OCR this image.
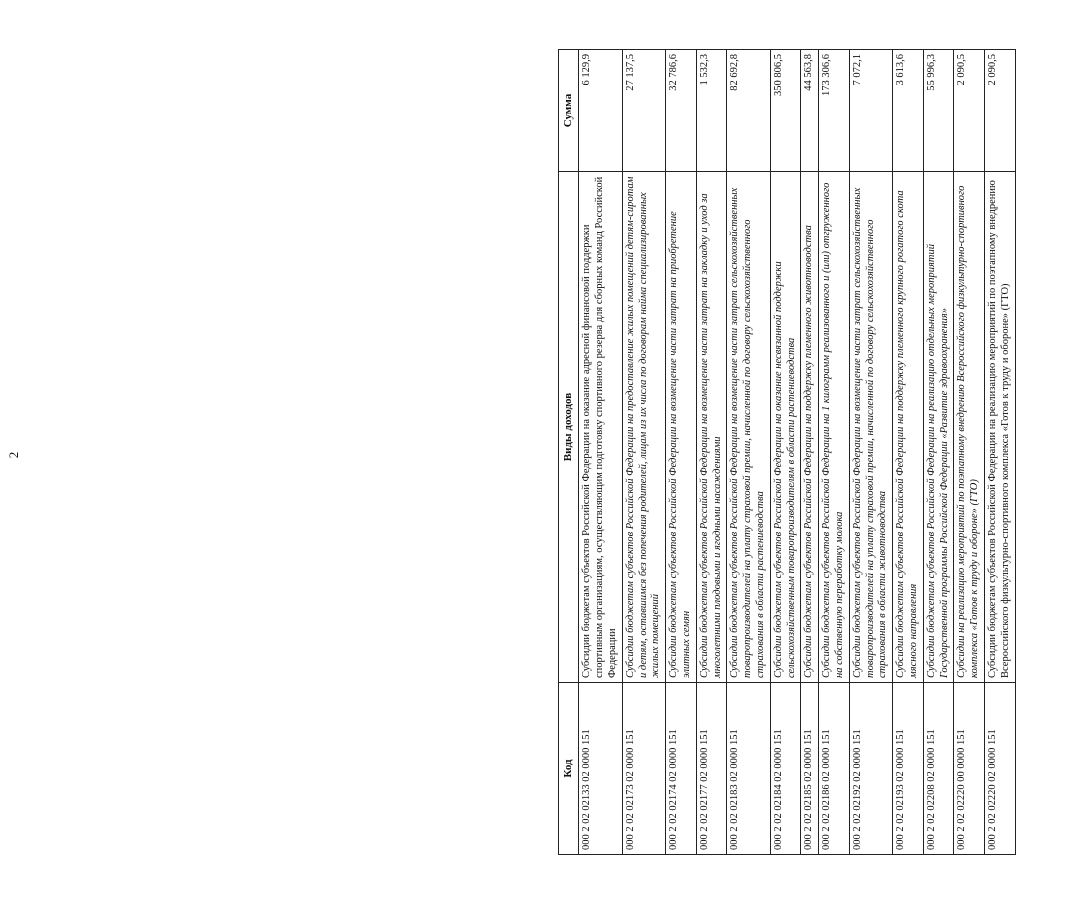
2
Код	Виды доходов	Сумма
000 2 02 02133 02 0000 151	Субсидии бюджетам субъектов Российской Федерации на оказание адресной финансовой поддержки спортивным организациям, осуществляющим подготовку спортивного резерва для сборных команд Российской Федерации	6 129,9
000 2 02 02173 02 0000 151	Субсидии бюджетам субъектов Российской Федерации на предоставление жилых помещений детям-сиротам и детям, оставшимся без попечения родителей, лицам из их числа по договорам найма специализированных жилых помещений	27 137,5
000 2 02 02174 02 0000 151	Субсидии бюджетам субъектов Российской Федерации на возмещение части затрат на приобретение элитных семян	32 786,6
000 2 02 02177 02 0000 151	Субсидии бюджетам субъектов Российской Федерации на возмещение части затрат на закладку и уход за многолетними плодовыми и ягодными насаждениями	1 532,3
000 2 02 02183 02 0000 151	Субсидии бюджетам субъектов Российской Федерации на возмещение части затрат сельскохозяйственных товаропроизводителей на уплату страховой премии, начисленной по договору сельскохозяйственного страхования в области растениеводства	82 692,8
000 2 02 02184 02 0000 151	Субсидии бюджетам субъектов Российской Федерации на оказание несвязанной поддержки сельскохозяйственным товаропроизводителям в области растениеводства	350 806,5
000 2 02 02185 02 0000 151	Субсидии бюджетам субъектов Российской Федерации на поддержку племенного животноводства	44 563,8
000 2 02 02186 02 0000 151	Субсидии бюджетам субъектов Российской Федерации на 1 килограмм реализованного и (или) отгруженного на собственную переработку молока	173 306,6
000 2 02 02192 02 0000 151	Субсидии бюджетам субъектов Российской Федерации на возмещение части затрат сельскохозяйственных товаропроизводителей на уплату страховой премии, начисленной по договору сельскохозяйственного страхования в области животноводства	7 072,1
000 2 02 02193 02 0000 151	Субсидии бюджетам субъектов Российской Федерации на поддержку племенного крупного рогатого скота мясного направления	3 613,6
000 2 02 02208 02 0000 151	Субсидии бюджетам субъектов Российской Федерации на реализацию отдельных мероприятий Государственной программы Российской Федерации «Развитие здравоохранения»	55 996,3
000 2 02 02220 00 0000 151	Субсидии на реализацию мероприятий по поэтапному внедрению Всероссийского физкультурно-спортивного комплекса «Готов к труду и обороне» (ГТО)	2 090,5
000 2 02 02220 02 0000 151	Субсидии бюджетам субъектов Российской Федерации на реализацию мероприятий по поэтапному внедрению Всероссийского физкультурно-спортивного комплекса «Готов к труду и обороне» (ГТО)	2 090,5
